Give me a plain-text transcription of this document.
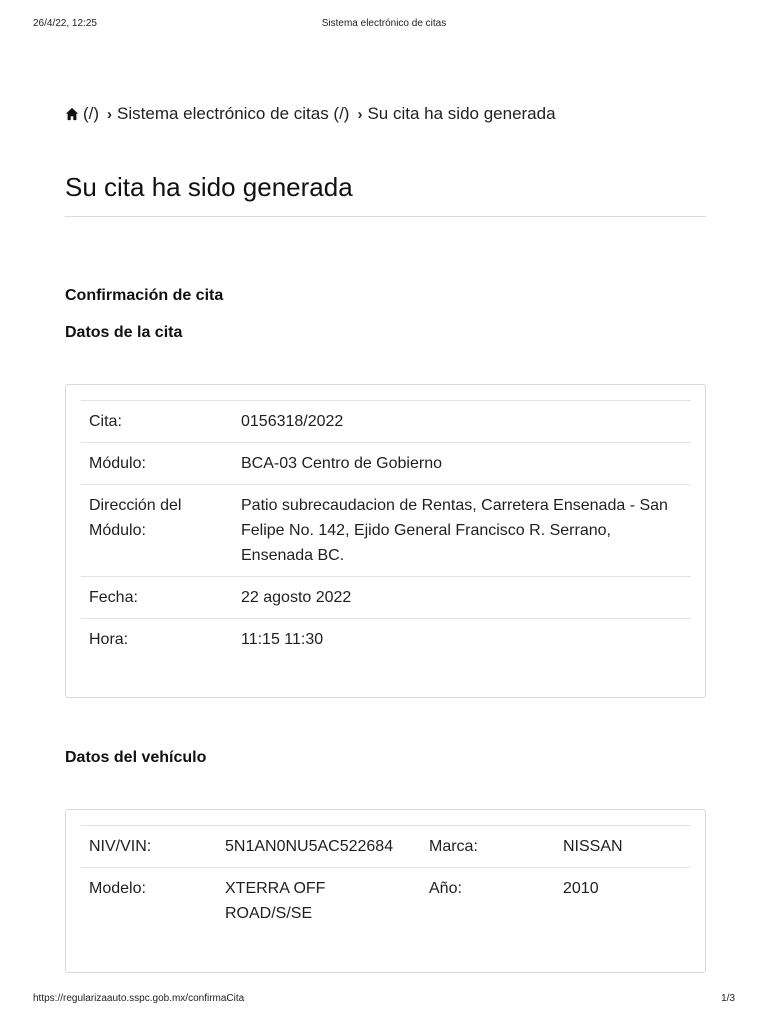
26/4/22, 12:25	Sistema electrónico de citas
(/) › Sistema electrónico de citas (/) › Su cita ha sido generada
Su cita ha sido generada
Confirmación de cita
Datos de la cita
Cita:	0156318/2022
Módulo:	BCA-03 Centro de Gobierno
Dirección del Módulo:	Patio subrecaudacion de Rentas, Carretera Ensenada - San Felipe No. 142, Ejido General Francisco R. Serrano, Ensenada BC.
Fecha:	22 agosto 2022
Hora:	11:15 11:30
Datos del vehículo
NIV/VIN:	5N1AN0NU5AC522684	Marca:	NISSAN
Modelo:	XTERRA OFF ROAD/S/SE	Año:	2010
https://regularizaauto.sspc.gob.mx/confirmaCita	1/3
